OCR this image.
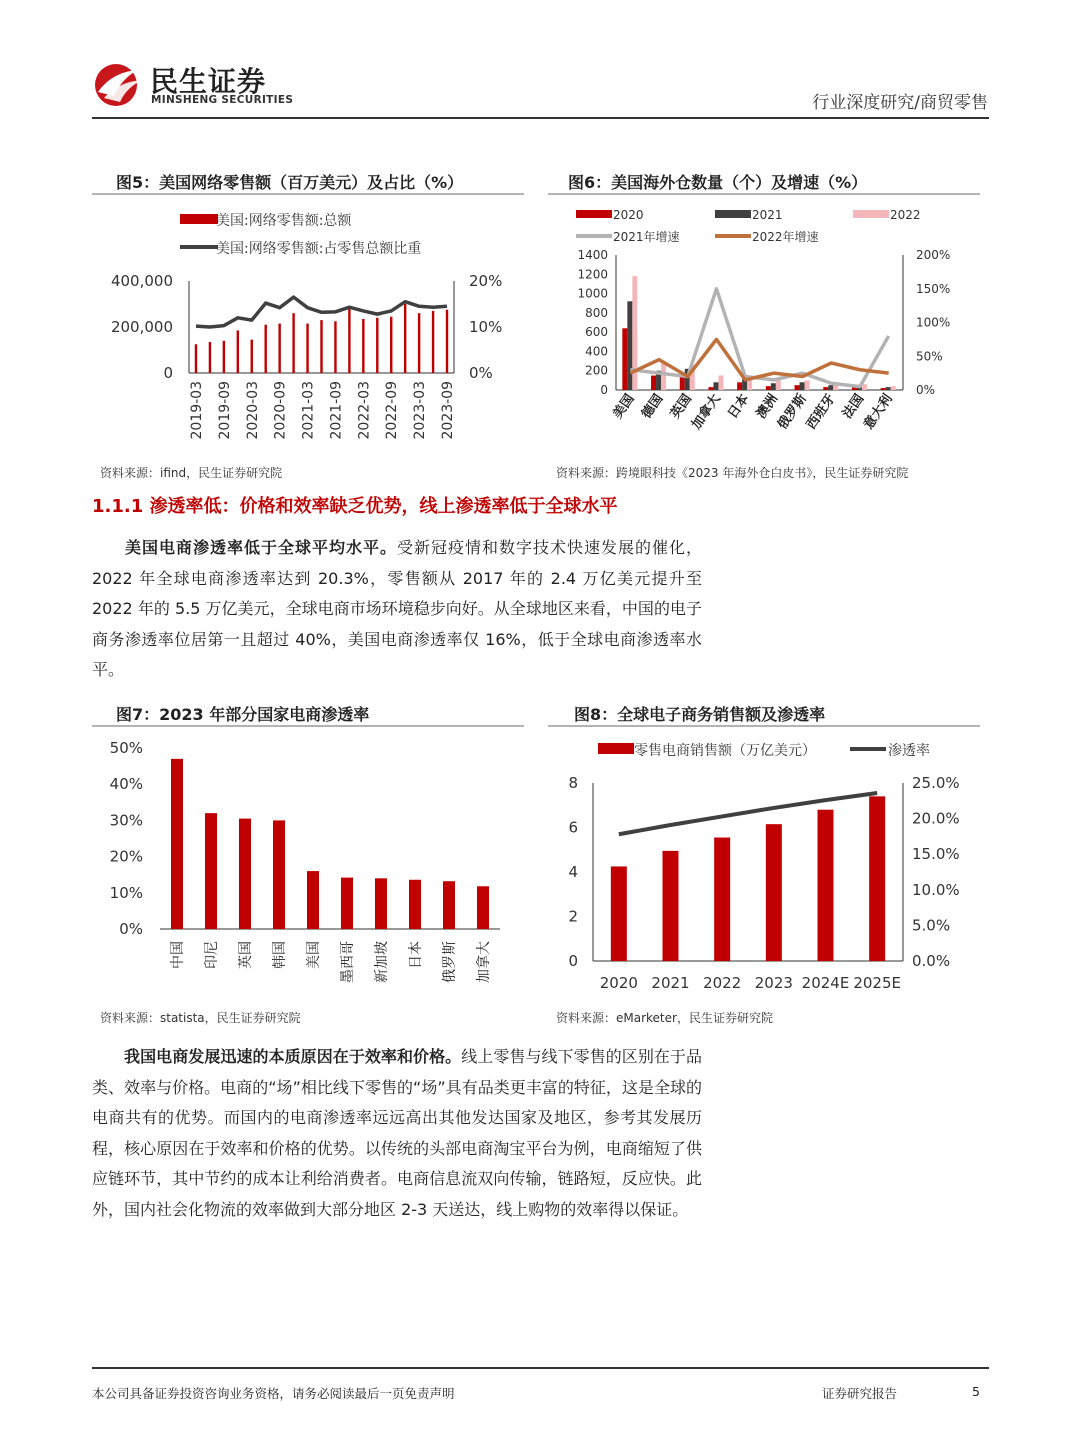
民生证券
MINSHENG SECURITIES	行业深度研究/商贸零售
图5：美国网络零售额（百万美元）及占比（%）
美国:网络零售额:总额
美国:网络零售额:占零售总额比重
400,000
200,000
0
20%
10%
0%
2019-03 2019-09 2020-03 2020-09 2021-03 2021-09 2022-03 2022-09 2023-03 2023-09
资料来源：ifind，民生证券研究院
图6：美国海外仓数量（个）及增速（%）
2020	2021	2022
2021年增速	2022年增速
1400
1200
1000
800
600
400
200
0
200%
150%
100%
50%
0%
美国 德国 英国
加拿大 日本 澳洲
俄罗斯
西班牙 法国
意大利
资料来源：跨境眼科技《2023 年海外仓白皮书》，民生证券研究院
1.1.1 渗透率低：价格和效率缺乏优势，线上渗透率低于全球水平
美国电商渗透率低于全球平均水平。受新冠疫情和数字技术快速发展的催化，2022 年全球电商渗透率达到 20.3%，零售额从 2017 年的 2.4 万亿美元提升至 2022 年的 5.5 万亿美元，全球电商市场环境稳步向好。从全球地区来看，中国的电子商务渗透率位居第一且超过 40%，美国电商渗透率仅 16%，低于全球电商渗透率水平。
图7：2023 年部分国家电商渗透率
50%
40%
30%
20%
10%
0%
中国 印尼 英国 韩国 美国 墨西哥 新加坡 日本 俄罗斯 加拿大
资料来源：statista，民生证券研究院
图8：全球电子商务销售额及渗透率
零售电商销售额（万亿美元）	渗透率
8
6
4
2
0
25.0%
20.0%
15.0%
10.0%
5.0%
0.0%
2020 2021 2022 2023 2024E 2025E
资料来源：eMarketer，民生证券研究院
我国电商发展迅速的本质原因在于效率和价格。线上零售与线下零售的区别在于品类、效率与价格。电商的“场”相比线下零售的“场”具有品类更丰富的特征，这是全球的电商共有的优势。而国内的电商渗透率远远高出其他发达国家及地区，参考其发展历程，核心原因在于效率和价格的优势。以传统的头部电商淘宝平台为例，电商缩短了供应链环节，其中节约的成本让利给消费者。电商信息流双向传输，链路短，反应快。此外，国内社会化物流的效率做到大部分地区 2-3 天送达，线上购物的效率得以保证。
本公司具备证券投资咨询业务资格，请务必阅读最后一页免责声明	证券研究报告	5
